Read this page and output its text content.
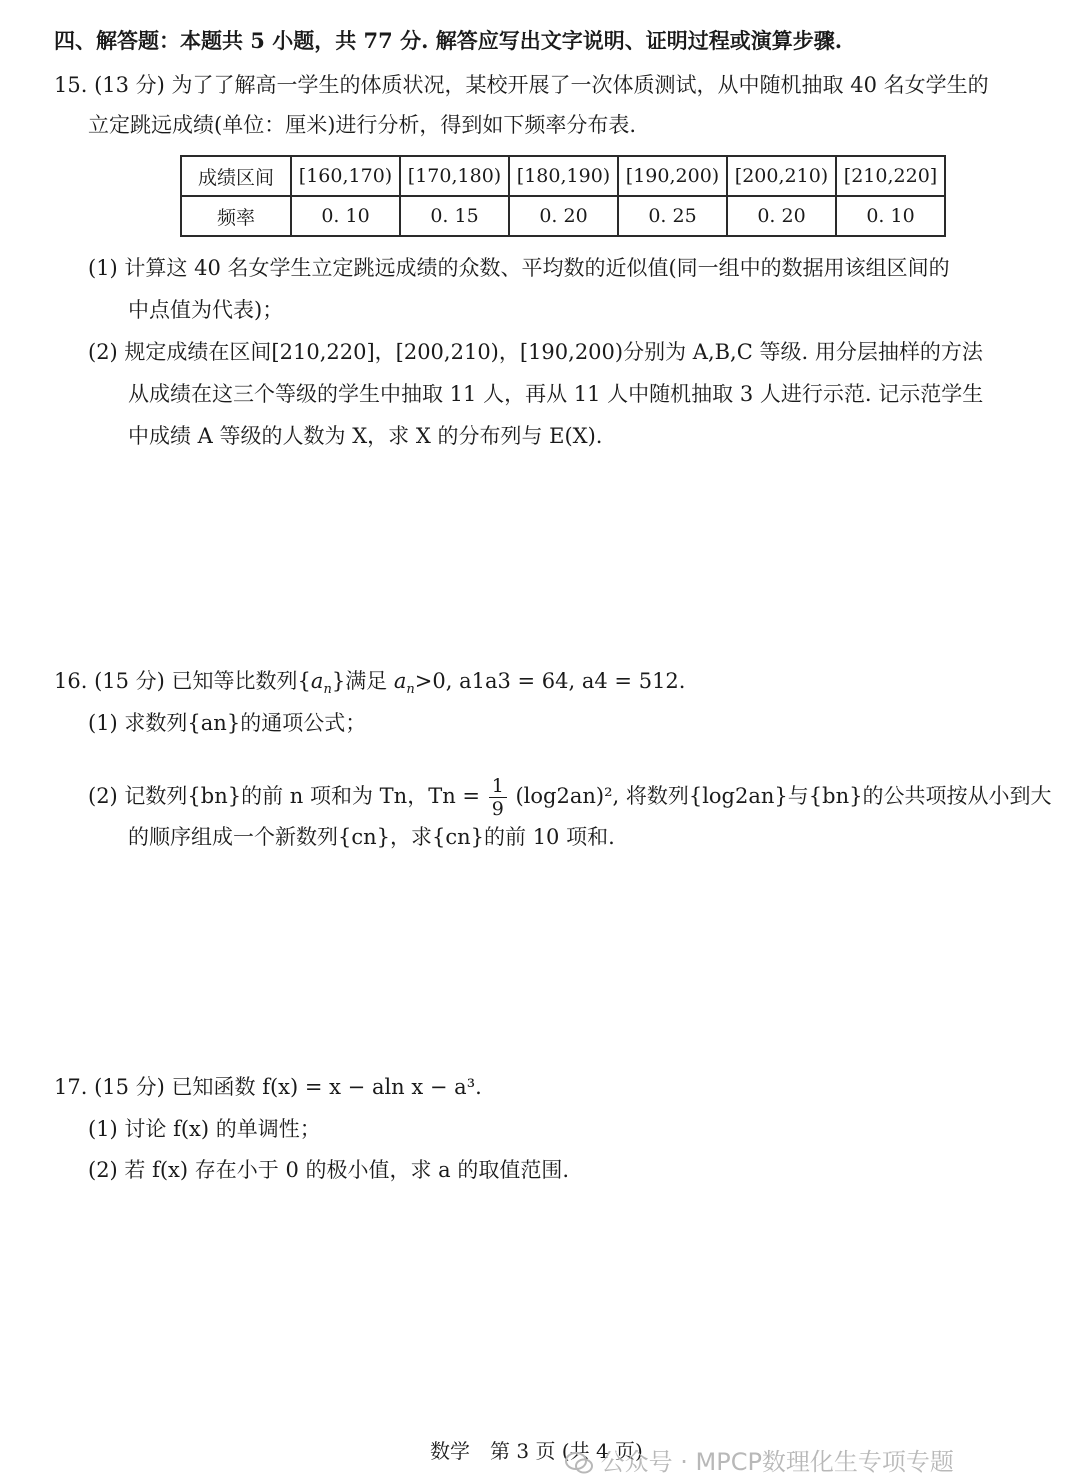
四、解答题：本题共 5 小题，共 77 分. 解答应写出文字说明、证明过程或演算步骤.
15. (13 分) 为了了解高一学生的体质状况，某校开展了一次体质测试，从中随机抽取 40 名女学生的
立定跳远成绩(单位：厘米)进行分析，得到如下频率分布表.
成绩区间	[160,170)	[170,180)	[180,190)	[190,200)	[200,210)	[210,220]
频率	0. 10	0. 15	0. 20	0. 25	0. 20	0. 10
(1) 计算这 40 名女学生立定跳远成绩的众数、平均数的近似值(同一组中的数据用该组区间的
中点值为代表)；
(2) 规定成绩在区间[210,220]，[200,210)，[190,200)分别为 A,B,C 等级. 用分层抽样的方法
从成绩在这三个等级的学生中抽取 11 人，再从 11 人中随机抽取 3 人进行示范. 记示范学生
中成绩 A 等级的人数为 X，求 X 的分布列与 E(X).
16. (15 分) 已知等比数列$\{a_n\}$满足 $a_n>0$, a1a3 = 64, a4 = 512.
(1) 求数列{an}的通项公式；
(2) 记数列{bn}的前 n 项和为 Tn，$Tn = \frac{1}{9} (\log 2an)^2$, 将数列{log2an}与{bn}的公共项按从小到大
的顺序组成一个新数列{cn}，求{cn}的前 10 项和.
17. (15 分) 已知函数 f(x) = x − aln x − a³.
(1) 讨论 f(x) 的单调性；
(2) 若 f(x) 存在小于 0 的极小值，求 a 的取值范围.
数学　第 3 页 (共 4 页)
公众号 · MPCP数理化生专项专题
